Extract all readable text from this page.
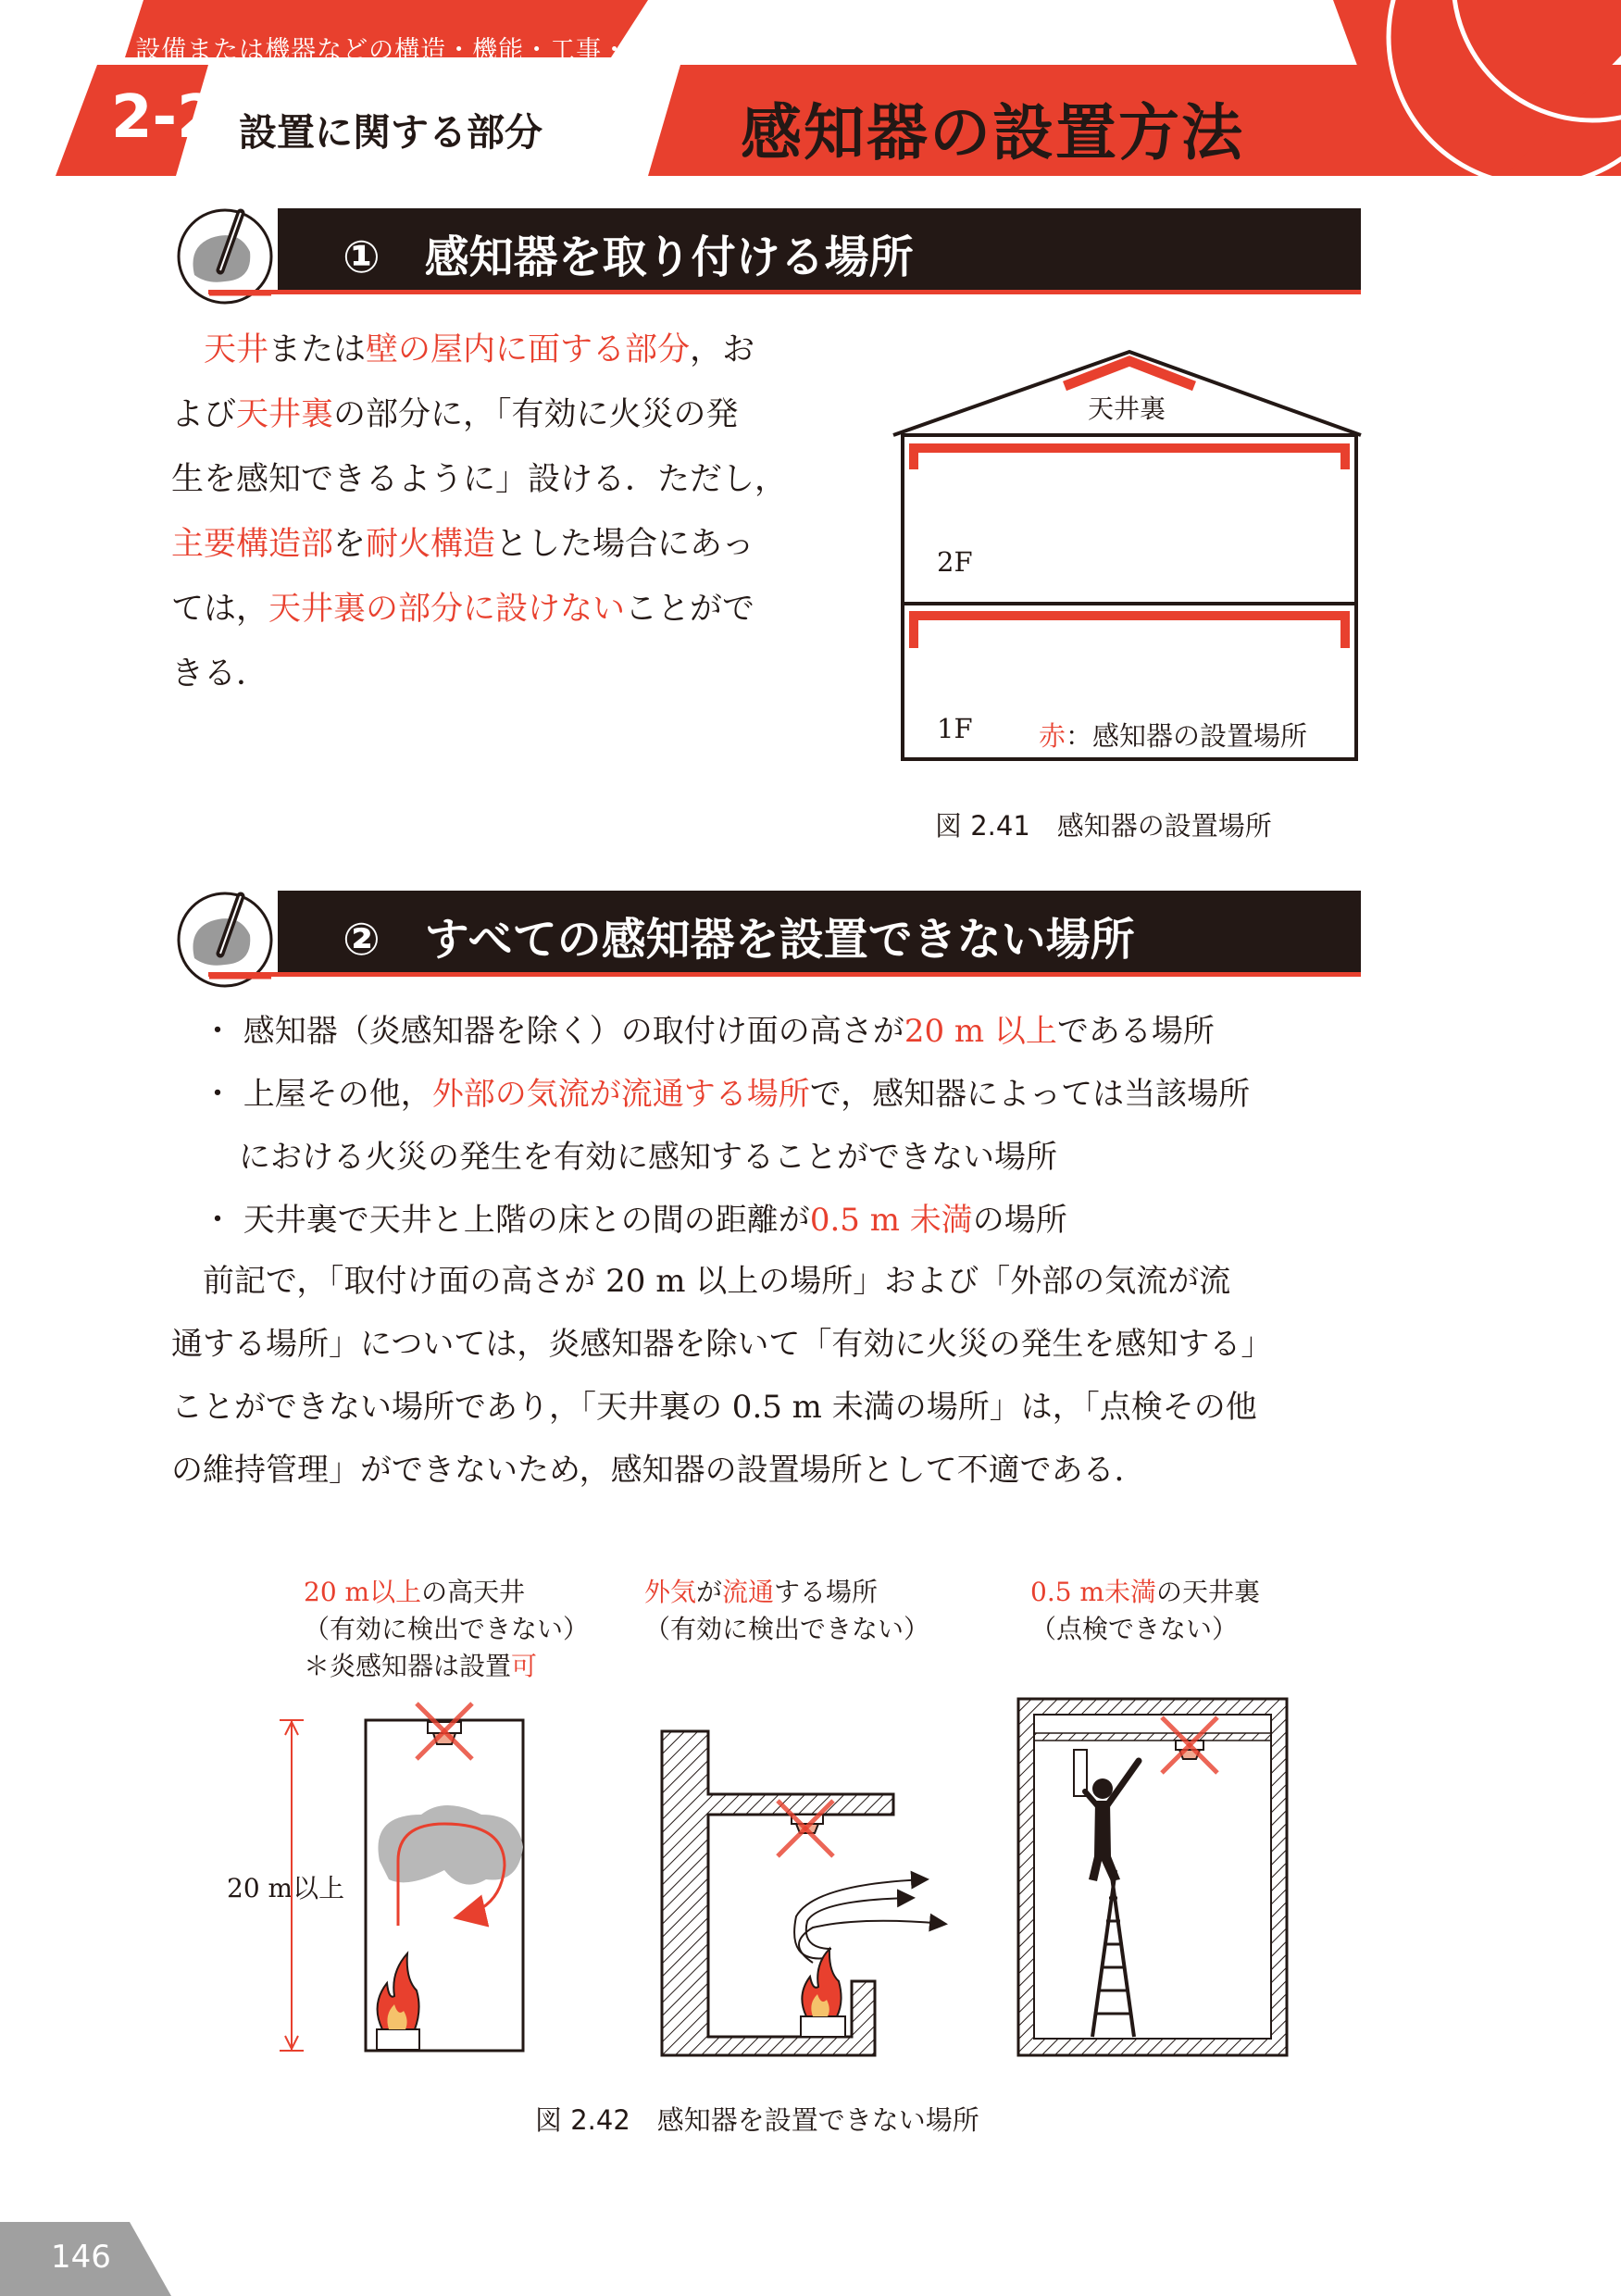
2　 設備または機器などの構造・機能・工事・整備
2-2 設置に関する部分	感知器の設置方法
①　感知器を取り付ける場所
　天井または壁の屋内に面する部分，お
よび天井裏の部分に，「有効に火災の発
生を感知できるように」設ける．ただし，
主要構造部を耐火構造とした場合にあっ
ては，天井裏の部分に設けないことがで
きる．
天井裏
2F
1F 赤：感知器の設置場所
図 2.41　感知器の設置場所
②　すべての感知器を設置できない場所
・ 感知器（炎感知器を除く）の取付け面の高さが20 m 以上である場所
・ 上屋その他，外部の気流が流通する場所で，感知器によっては当該場所
における火災の発生を有効に感知することができない場所
・ 天井裏で天井と上階の床との間の距離が0.5 m 未満の場所
　前記で，「取付け面の高さが 20 m 以上の場所」および「外部の気流が流
通する場所」については，炎感知器を除いて「有効に火災の発生を感知する」
ことができない場所であり，「天井裏の 0.5 m 未満の場所」は，「点検その他
の維持管理」ができないため，感知器の設置場所として不適である．
20 m以上の高天井
（有効に検出できない）
＊炎感知器は設置可
外気が流通する場所
（有効に検出できない）
0.5 m未満の天井裏
（点検できない）
20 m以上
図 2.42　感知器を設置できない場所
146
